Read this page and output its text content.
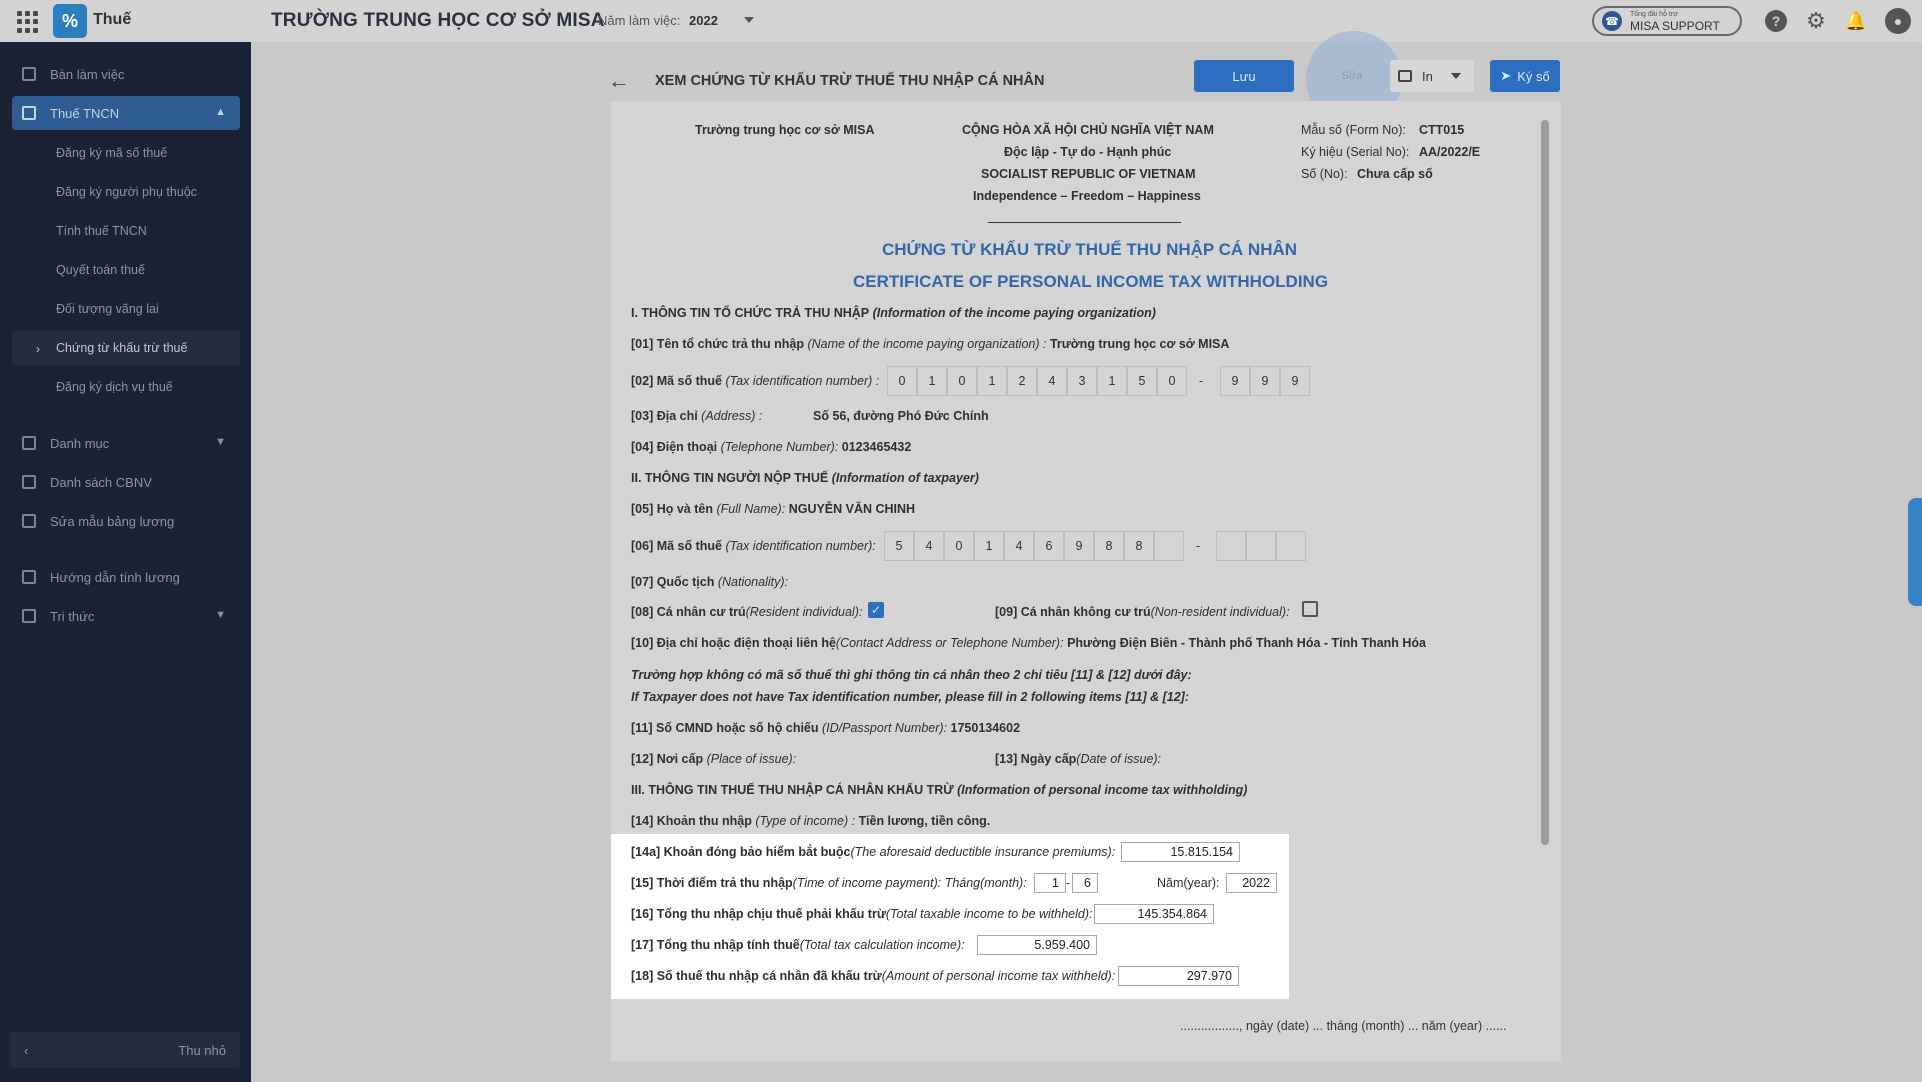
% Thuế	TRƯỜNG TRUNG HỌC CƠ SỞ MISA
Năm làm việc: 2022	☎
Tổng đài hỗ trợ
MISA SUPPORT	?	⚙ 🔔	●
Bàn làm việc
Thuế TNCN	▲
Đăng ký mã số thuế
Đăng ký người phụ thuộc
Tính thuế TNCN
Quyết toán thuế
Đối tượng vãng lai
› Chứng từ khấu trừ thuế
Đăng ký dịch vụ thuế
Danh mục	▼
Danh sách CBNV
Sửa mẫu bảng lương
Hướng dẫn tính lương
Tri thức	▼
‹	Thu nhỏ
← XEM CHỨNG TỪ KHẤU TRỪ THUẾ THU NHẬP CÁ NHÂN	Lưu	Sửa	In	➤ Ký số
Trường trung học cơ sở MISA	CỘNG HÒA XÃ HỘI CHỦ NGHĨA VIỆT NAM
Độc lập - Tự do - Hạnh phúc
SOCIALIST REPUBLIC OF VIETNAM
Independence – Freedom – Happiness
Mẫu số (Form No): CTT015
Ký hiệu (Serial No): AA/2022/E
Số (No): Chưa cấp số
CHỨNG TỪ KHẤU TRỪ THUẾ THU NHẬP CÁ NHÂN
CERTIFICATE OF PERSONAL INCOME TAX WITHHOLDING
I. THÔNG TIN TỔ CHỨC TRẢ THU NHẬP (Information of the income paying organization)
[01] Tên tổ chức trả thu nhập (Name of the income paying organization) : Trường trung học cơ sở MISA
[02] Mã số thuế (Tax identification number) :	0	1	0	1	2	4	3	1	5	0	-	9	9	9
[03] Địa chỉ (Address) :	Số 56, đường Phó Đức Chính
[04] Điện thoại (Telephone Number): 0123465432
II. THÔNG TIN NGƯỜI NỘP THUẾ (Information of taxpayer)
[05] Họ và tên (Full Name): NGUYỄN VĂN CHINH
[06] Mã số thuế (Tax identification number):	5	4	0	1	4	6	9	8	8	-
[07] Quốc tịch (Nationality):
[08] Cá nhân cư trú(Resident individual): ✓	[09] Cá nhân không cư trú(Non-resident individual):
[10] Địa chỉ hoặc điện thoại liên hệ(Contact Address or Telephone Number): Phường Điện Biên - Thành phố Thanh Hóa - Tỉnh Thanh Hóa
Trường hợp không có mã số thuế thì ghi thông tin cá nhân theo 2 chỉ tiêu [11] & [12] dưới đây:
If Taxpayer does not have Tax identification number, please fill in 2 following items [11] & [12]:
[11] Số CMND hoặc số hộ chiếu (ID/Passport Number): 1750134602
[12] Nơi cấp (Place of issue):	[13] Ngày cấp(Date of issue):
III. THÔNG TIN THUẾ THU NHẬP CÁ NHÂN KHẤU TRỪ (Information of personal income tax withholding)
[14] Khoản thu nhập (Type of income) : Tiền lương, tiền công.
[14a] Khoản đóng bảo hiểm bắt buộc(The aforesaid deductible insurance premiums):	15.815.154
[15] Thời điểm trả thu nhập(Time of income payment): Tháng(month):	1 -	6	Năm(year):	2022
[16] Tổng thu nhập chịu thuế phải khấu trừ(Total taxable income to be withheld):	145.354.864
[17] Tổng thu nhập tính thuế(Total tax calculation income):	5.959.400
[18] Số thuế thu nhập cá nhân đã khấu trừ(Amount of personal income tax withheld):	297.970
................., ngày (date) ... tháng (month) ... năm (year) ......
